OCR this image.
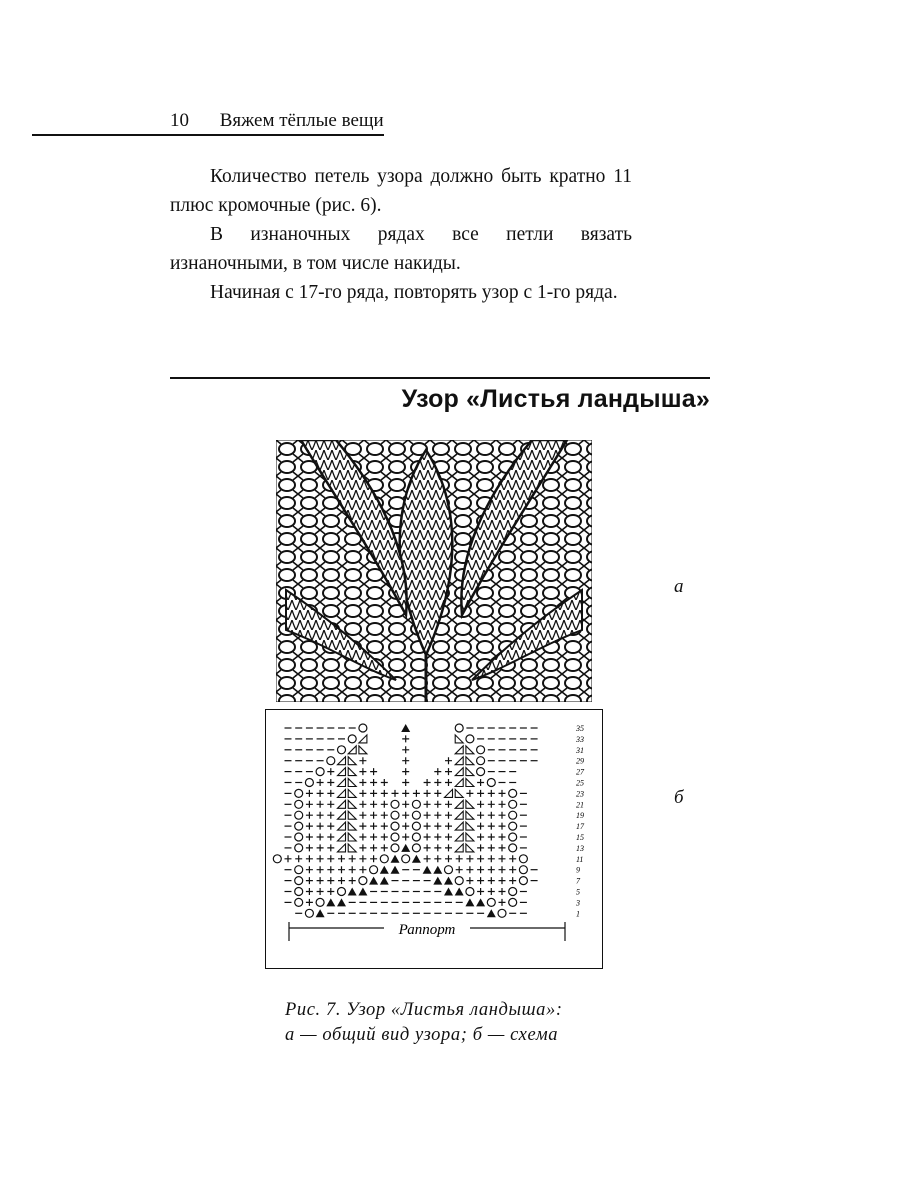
10 Вяжем тёплые вещи

Количество петель узора должно быть кратно 11 плюс кромочные (рис. 6).

В изнаночных рядах все петли вязать изнаночными, в том числе накиды.

Начиная с 17-го ряда, повторять узор с 1-го ряда.

Узор «Листья ландыша»
а
35
33
31
29
27
25
23
21
19
17
15
13
11
9
7
5
3
1
Раппорт
б
Рис. 7. Узор «Листья ландыша»:
а — общий вид узора; б — схема
